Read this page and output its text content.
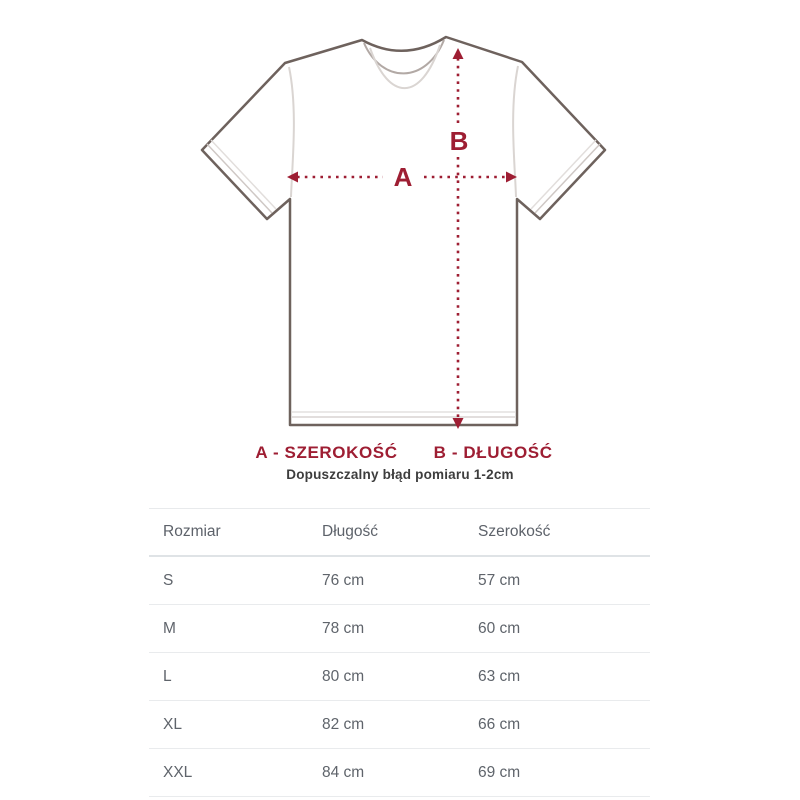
A
B
A - SZEROKOŚĆ B - DŁUGOŚĆ
Dopuszczalny błąd pomiaru 1-2cm
Rozmiar	Długość	Szerokość
S	76 cm	57 cm
M	78 cm	60 cm
L	80 cm	63 cm
XL	82 cm	66 cm
XXL	84 cm	69 cm
